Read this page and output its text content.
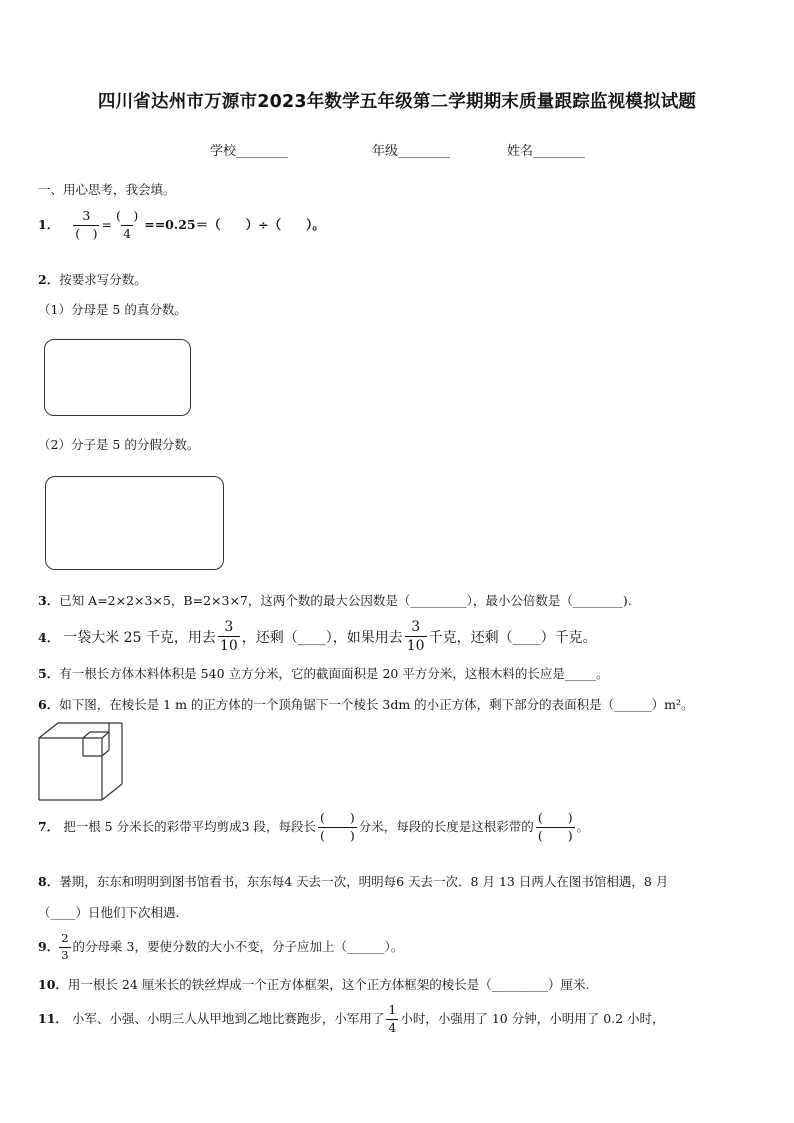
四川省达州市万源市2023年数学五年级第二学期期末质量跟踪监视模拟试题
学校________	年级________	姓名________
一、用心思考，我会填。
1． $\frac{3}{( )} = \frac{( )}{4} ==0.25=$（　　）÷（　　）。
2．按要求写分数。
（1）分母是 5 的真分数。
（2）分子是 5 的分假分数。
3．已知 A=2×2×3×5，B=2×3×7，这两个数的最大公因数是（_________），最小公倍数是（________).
4． 一袋大米 25 千克，用去 $\frac{3}{10}$ ，还剩（____），如果用去 $\frac{3}{10}$ 千克，还剩（____）千克。
5．有一根长方体木料体积是 540 立方分米，它的截面面积是 20 平方分米，这根木料的长应是_____。
6．如下图，在棱长是 1 m 的正方体的一个顶角锯下一个棱长 3dm 的小正方体，剩下部分的表面积是（______）m²。
7． 把一根 5 分米长的彩带平均剪成3 段，每段长 $\frac{( )}{( )}$ 分米，每段的长度是这根彩带的 $\frac{( )}{( )}$ 。
8．暑期，东东和明明到图书馆看书，东东每4 天去一次，明明每6 天去一次．8 月 13 日两人在图书馆相遇，8 月
（____）日他们下次相遇.
9． $\frac{2}{3}$ 的分母乘 3，要使分数的大小不变，分子应加上（______）。
10．用一根长 24 厘米长的铁丝焊成一个正方体框架，这个正方体框架的棱长是（_________）厘米.
11． 小军、小强、小明三人从甲地到乙地比赛跑步，小军用了 $\frac{1}{4}$ 小时，小强用了 10 分钟，小明用了 0.2 小时，
